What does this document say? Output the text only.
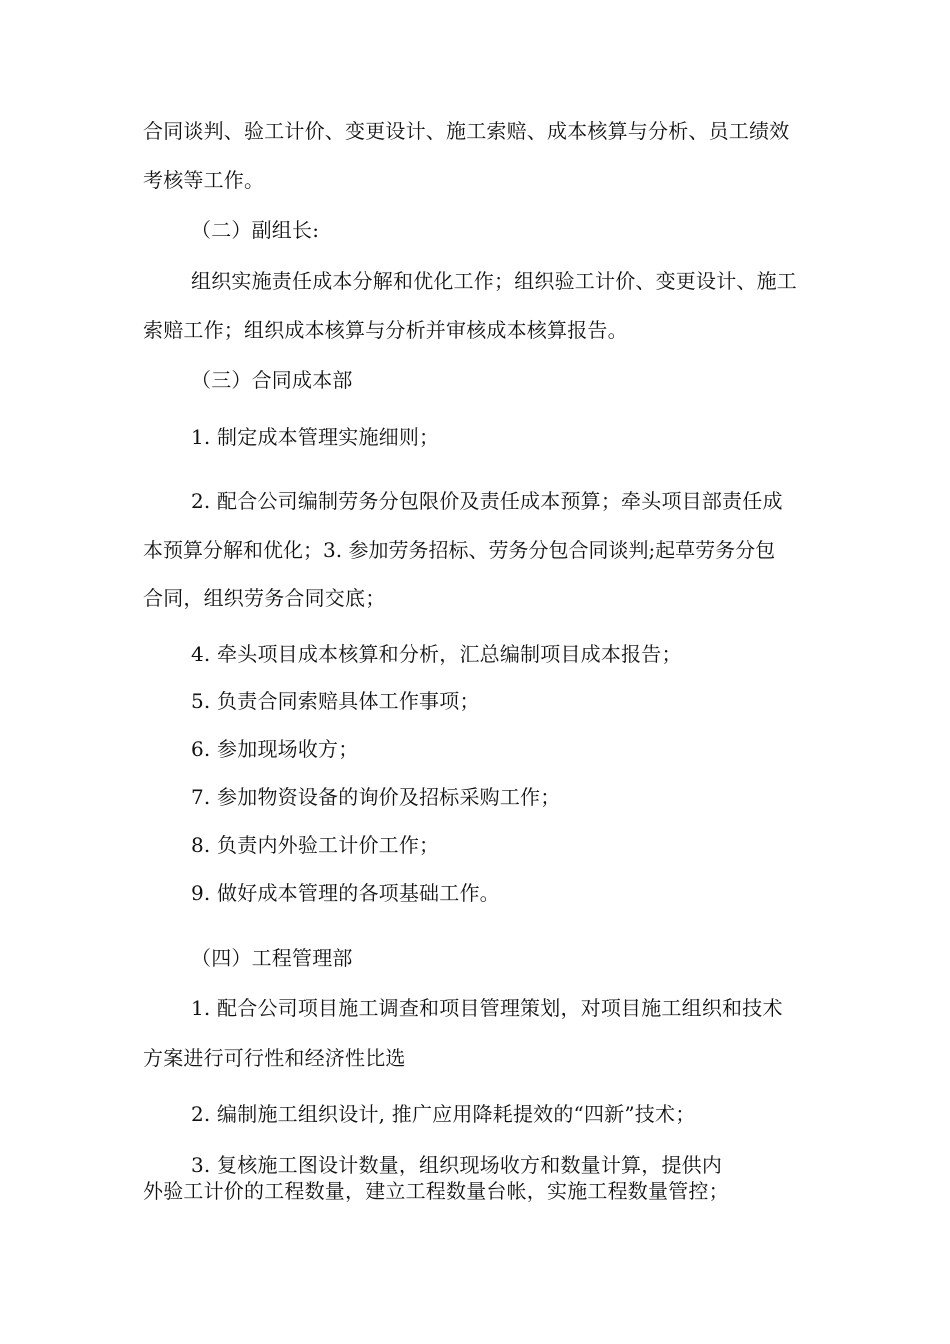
合同谈判、验工计价、变更设计、施工索赔、成本核算与分析、员工绩效

考核等工作。

（二）副组长:

组织实施责任成本分解和优化工作；组织验工计价、变更设计、施工

索赔工作；组织成本核算与分析并审核成本核算报告。

（三）合同成本部

1. 制定成本管理实施细则；

2. 配合公司编制劳务分包限价及责任成本预算；牵头项目部责任成

本预算分解和优化；3. 参加劳务招标、劳务分包合同谈判;起草劳务分包

合同，组织劳务合同交底；

4. 牵头项目成本核算和分析，汇总编制项目成本报告；

5. 负责合同索赔具体工作事项；

6. 参加现场收方；

7. 参加物资设备的询价及招标采购工作；

8. 负责内外验工计价工作；

9. 做好成本管理的各项基础工作。

（四）工程管理部

1. 配合公司项目施工调查和项目管理策划，对项目施工组织和技术

方案进行可行性和经济性比选

2. 编制施工组织设计, 推广应用降耗提效的“四新”技术；

3. 复核施工图设计数量，组织现场收方和数量计算，提供内

外验工计价的工程数量，建立工程数量台帐，实施工程数量管控；
